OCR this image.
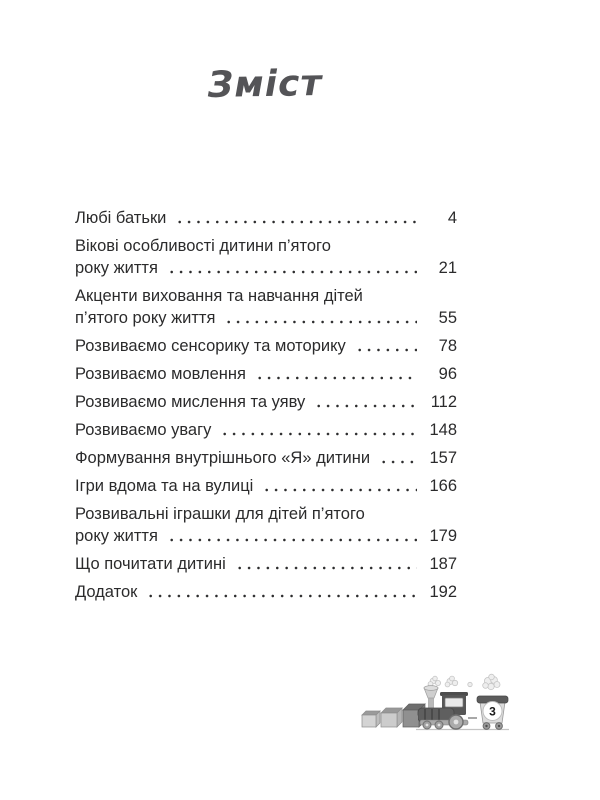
Зміст
Любі батьки	4
Вікові особливості дитини п’ятого
року життя	21
Акценти виховання та навчання дітей
п’ятого року життя	55
Розвиваємо сенсорику та моторику	78
Розвиваємо мовлення	96
Розвиваємо мислення та уяву	112
Розвиваємо увагу	148
Формування внутрішнього «Я» дитини	157
Ігри вдома та на вулиці	166
Розвивальні іграшки для дітей п’ятого
року життя	179
Що почитати дитині	187
Додаток	192
3
